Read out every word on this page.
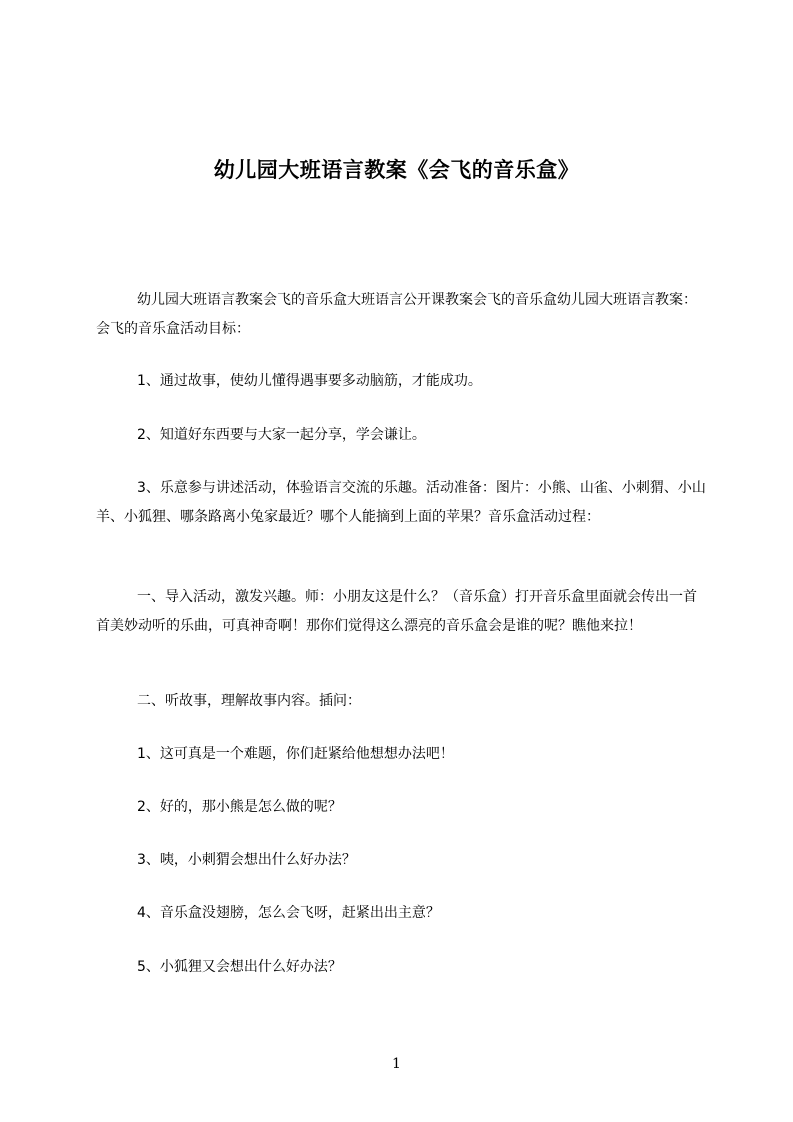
幼儿园大班语言教案《会飞的音乐盒》

幼儿园大班语言教案会飞的音乐盒大班语言公开课教案会飞的音乐盒幼儿园大班语言教案：会飞的音乐盒活动目标：

1、通过故事，使幼儿懂得遇事要多动脑筋，才能成功。

2、知道好东西要与大家一起分享，学会谦让。

3、乐意参与讲述活动，体验语言交流的乐趣。活动准备：图片：小熊、山雀、小刺猬、小山羊、小狐狸、哪条路离小兔家最近？哪个人能摘到上面的苹果？音乐盒活动过程：

一、导入活动，激发兴趣。师：小朋友这是什么？（音乐盒）打开音乐盒里面就会传出一首首美妙动听的乐曲，可真神奇啊！那你们觉得这么漂亮的音乐盒会是谁的呢？瞧他来拉！

二、听故事，理解故事内容。插问：

1、这可真是一个难题，你们赶紧给他想想办法吧！

2、好的，那小熊是怎么做的呢？

3、咦，小刺猬会想出什么好办法？

4、音乐盒没翅膀，怎么会飞呀，赶紧出出主意？

5、小狐狸又会想出什么好办法？

1
